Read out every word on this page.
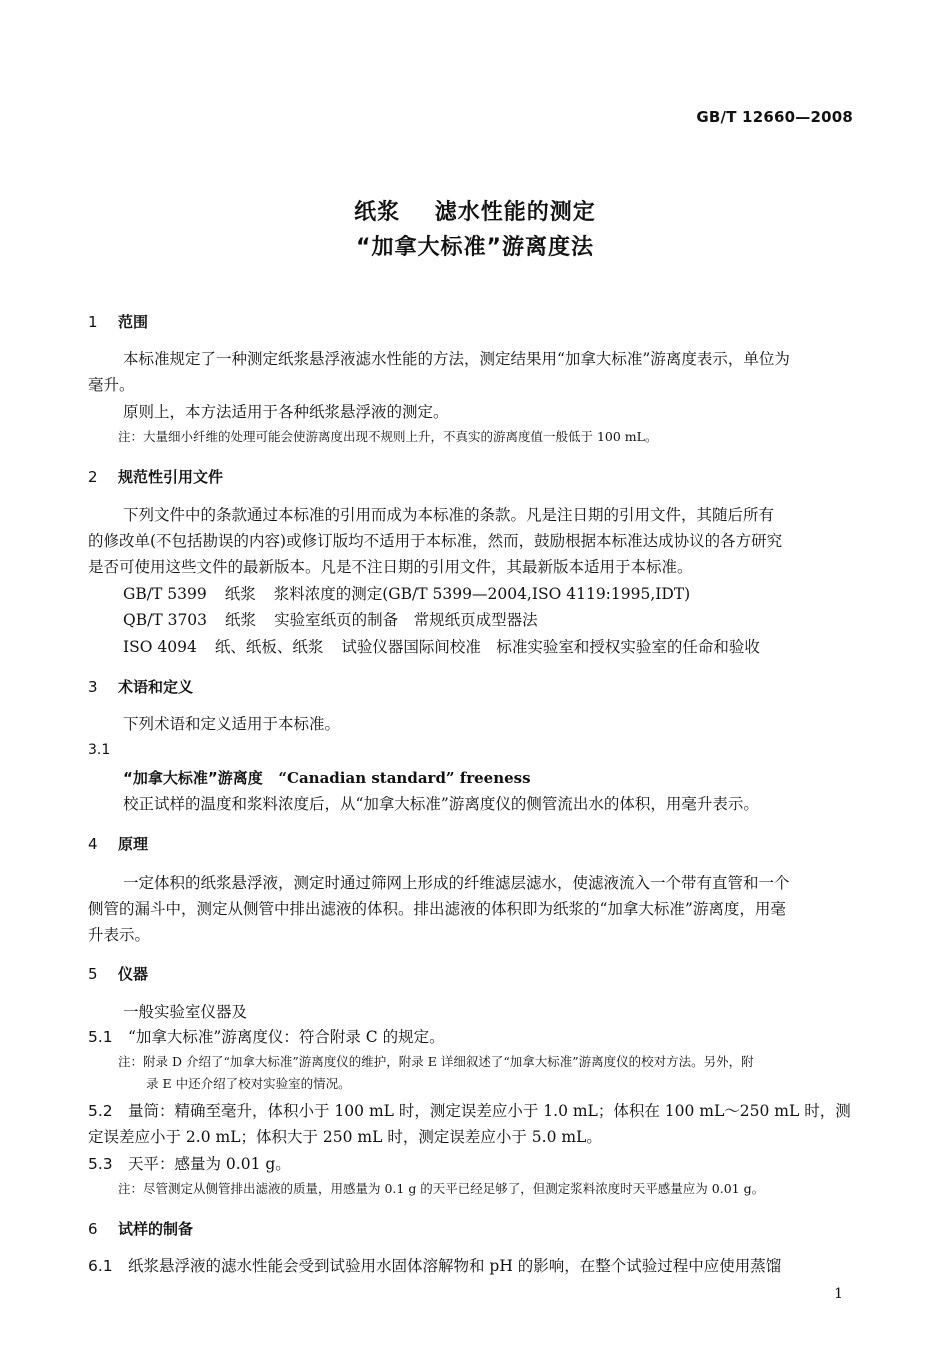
GB/T 12660—2008
纸浆    滤水性能的测定
“加拿大标准”游离度法
1 范围
本标准规定了一种测定纸浆悬浮液滤水性能的方法，测定结果用“加拿大标准”游离度表示，单位为
毫升。
原则上，本方法适用于各种纸浆悬浮液的测定。
注：大量细小纤维的处理可能会使游离度出现不规则上升，不真实的游离度值一般低于 100 mL。
2 规范性引用文件
下列文件中的条款通过本标准的引用而成为本标准的条款。凡是注日期的引用文件，其随后所有
的修改单(不包括勘误的内容)或修订版均不适用于本标准，然而，鼓励根据本标准达成协议的各方研究
是否可使用这些文件的最新版本。凡是不注日期的引用文件，其最新版本适用于本标准。
GB/T 5399 纸浆 浆料浓度的测定(GB/T 5399—2004,ISO 4119:1995,IDT)
QB/T 3703 纸浆 实验室纸页的制备　常规纸页成型器法
ISO 4094 纸、纸板、纸浆 试验仪器国际间校准　标准实验室和授权实验室的任命和验收
3 术语和定义
下列术语和定义适用于本标准。
3.1
“加拿大标准”游离度 “Canadian standard” freeness
校正试样的温度和浆料浓度后，从“加拿大标准”游离度仪的侧管流出水的体积，用毫升表示。
4 原理
一定体积的纸浆悬浮液，测定时通过筛网上形成的纤维滤层滤水，使滤液流入一个带有直管和一个
侧管的漏斗中，测定从侧管中排出滤液的体积。排出滤液的体积即为纸浆的“加拿大标准”游离度，用毫
升表示。
5 仪器
一般实验室仪器及
5.1 “加拿大标准”游离度仪：符合附录 C 的规定。
注：附录 D 介绍了“加拿大标准”游离度仪的维护，附录 E 详细叙述了“加拿大标准”游离度仪的校对方法。另外，附
录 E 中还介绍了校对实验室的情况。
5.2 量筒：精确至毫升，体积小于 100 mL 时，测定误差应小于 1.0 mL；体积在 100 mL～250 mL 时，测
定误差应小于 2.0 mL；体积大于 250 mL 时，测定误差应小于 5.0 mL。
5.3 天平：感量为 0.01 g。
注：尽管测定从侧管排出滤液的质量，用感量为 0.1 g 的天平已经足够了，但测定浆料浓度时天平感量应为 0.01 g。
6 试样的制备
6.1 纸浆悬浮液的滤水性能会受到试验用水固体溶解物和 pH 的影响，在整个试验过程中应使用蒸馏
1
